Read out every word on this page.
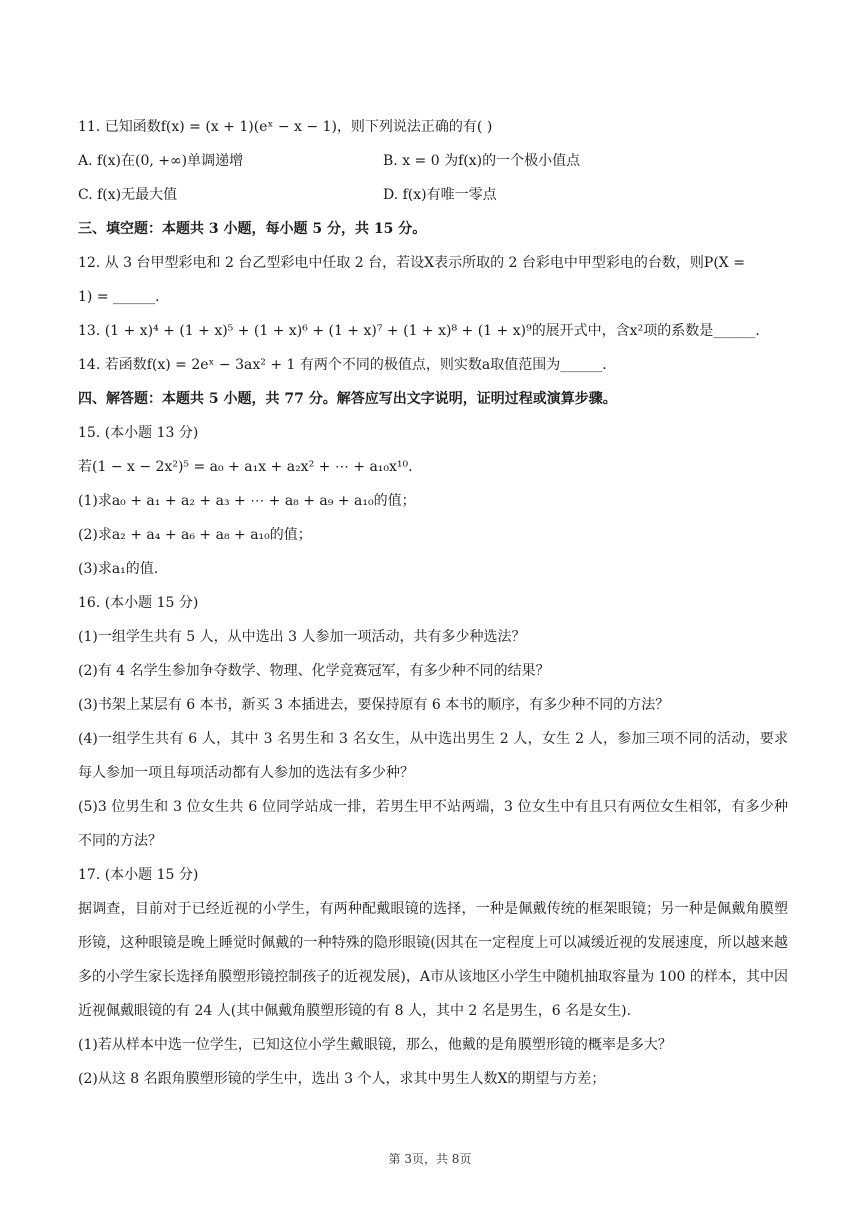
11. 已知函数f(x) = (x + 1)(eˣ − x − 1)，则下列说法正确的有( )
A. f(x)在(0, +∞)单调递增	B. x = 0 为f(x)的一个极小值点
C. f(x)无最大值	D. f(x)有唯一零点
三、填空题：本题共 3 小题，每小题 5 分，共 15 分。
12. 从 3 台甲型彩电和 2 台乙型彩电中任取 2 台，若设X表示所取的 2 台彩电中甲型彩电的台数，则P(X =
1) = ______.
13. (1 + x)⁴ + (1 + x)⁵ + (1 + x)⁶ + (1 + x)⁷ + (1 + x)⁸ + (1 + x)⁹的展开式中，含x²项的系数是______.
14. 若函数f(x) = 2eˣ − 3ax² + 1 有两个不同的极值点，则实数a取值范围为______.
四、解答题：本题共 5 小题，共 77 分。解答应写出文字说明，证明过程或演算步骤。
15. (本小题 13 分)
若(1 − x − 2x²)⁵ = a₀ + a₁x + a₂x² + ⋯ + a₁₀x¹⁰.
(1)求a₀ + a₁ + a₂ + a₃ + ⋯ + a₈ + a₉ + a₁₀的值；
(2)求a₂ + a₄ + a₆ + a₈ + a₁₀的值；
(3)求a₁的值.
16. (本小题 15 分)
(1)一组学生共有 5 人，从中选出 3 人参加一项活动，共有多少种选法？
(2)有 4 名学生参加争夺数学、物理、化学竞赛冠军，有多少种不同的结果？
(3)书架上某层有 6 本书，新买 3 本插进去，要保持原有 6 本书的顺序，有多少种不同的方法？
(4)一组学生共有 6 人，其中 3 名男生和 3 名女生，从中选出男生 2 人，女生 2 人，参加三项不同的活动，要求每人参加一项且每项活动都有人参加的选法有多少种？
(5)3 位男生和 3 位女生共 6 位同学站成一排，若男生甲不站两端，3 位女生中有且只有两位女生相邻，有多少种不同的方法？
17. (本小题 15 分)
据调查，目前对于已经近视的小学生，有两种配戴眼镜的选择，一种是佩戴传统的框架眼镜；另一种是佩戴角膜塑形镜，这种眼镜是晚上睡觉时佩戴的一种特殊的隐形眼镜(因其在一定程度上可以减缓近视的发展速度，所以越来越多的小学生家长选择角膜塑形镜控制孩子的近视发展)，A市从该地区小学生中随机抽取容量为 100 的样本，其中因近视佩戴眼镜的有 24 人(其中佩戴角膜塑形镜的有 8 人，其中 2 名是男生，6 名是女生).
(1)若从样本中选一位学生，已知这位小学生戴眼镜，那么，他戴的是角膜塑形镜的概率是多大？
(2)从这 8 名跟角膜塑形镜的学生中，选出 3 个人，求其中男生人数X的期望与方差；
第 3页，共 8页
